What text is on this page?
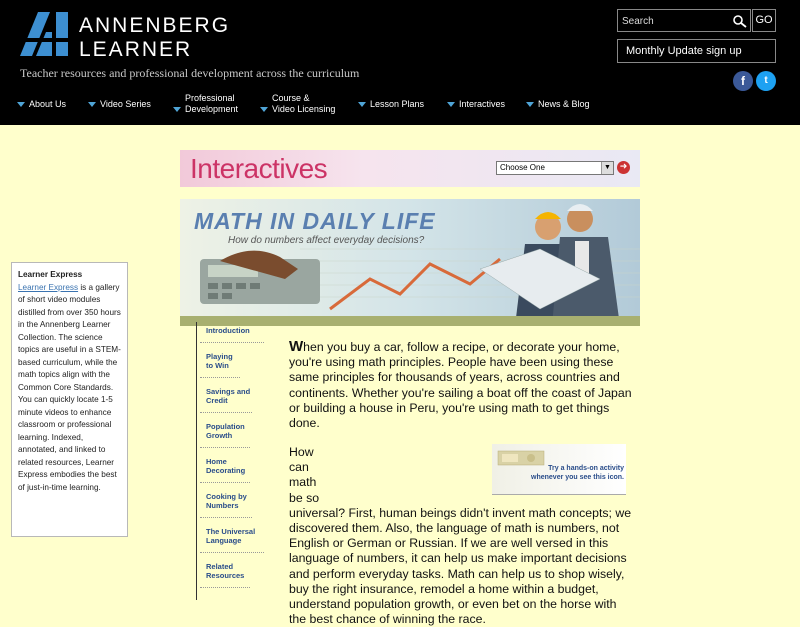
ANNENBERG
LEARNER
Teacher resources and professional development across the curriculum
Search
GO
Monthly Update sign up
f	t
About Us	Video Series
Professional
Development
Course &
Video Licensing
Lesson Plans	Interactives	News & Blog
Learner Express
Learner Express is a gallery of short video modules distilled from over 350 hours in the Annenberg Learner Collection. The science topics are useful in a STEM-based curriculum, while the math topics align with the Common Core Standards. You can quickly locate 1-5 minute videos to enhance classroom or professional learning. Indexed, annotated, and linked to related resources, Learner Express embodies the best of just-in-time learning.
Interactives	Choose One	▼ ➜
MATH IN DAILY LIFE
How do numbers affect everyday decisions?
Introduction
Playing to Win
Savings and Credit
Population Growth
Home Decorating
Cooking by Numbers
The Universal Language
Related Resources
Try a hands-on activity
whenever you see this icon.

When you buy a car, follow a recipe, or decorate your home, you're using math principles. People have been using these same principles for thousands of years, across countries and continents. Whether you're sailing a boat off the coast of Japan or building a house in Peru, you're using math to get things done.

How can math be so universal? First, human beings didn't invent math concepts; we discovered them. Also, the language of math is numbers, not English or German or Russian. If we are well versed in this language of numbers, it can help us make important decisions and perform everyday tasks. Math can help us to shop wisely, buy the right insurance, remodel a home within a budget, understand population growth, or even bet on the horse with the best chance of winning the race.
